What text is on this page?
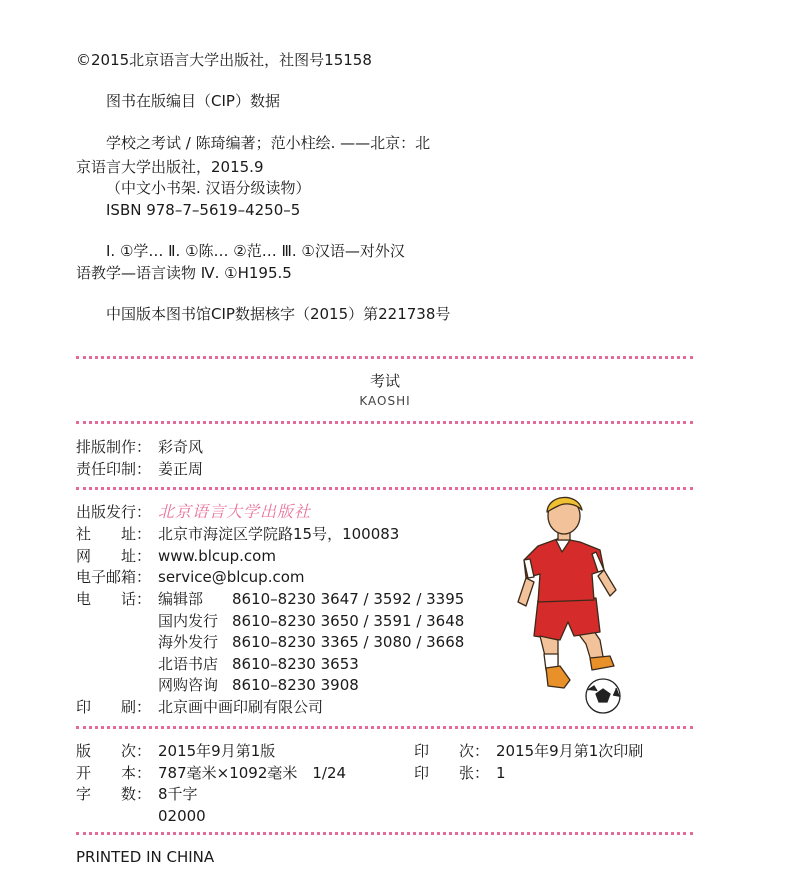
©2015北京语言大学出版社，社图号15158
图书在版编目（CIP）数据
学校之考试 / 陈琦编著；范小柱绘. ——北京：北
京语言大学出版社，2015.9
（中文小书架. 汉语分级读物）
ISBN 978–7–5619–4250–5
Ⅰ. ①学… Ⅱ. ①陈… ②范… Ⅲ. ①汉语—对外汉
语教学—语言读物 Ⅳ. ①H195.5
中国版本图书馆CIP数据核字（2015）第221738号
考试
KAOSHI
排版制作： 彩奇风
责任印制： 姜正周
出版发行： 北京语言大学出版社
社　　址： 北京市海淀区学院路15号，100083
网　　址： www.blcup.com
电子邮箱： service@blcup.com
电　　话： 编辑部 8610–8230 3647 / 3592 / 3395
国内发行 8610–8230 3650 / 3591 / 3648
海外发行 8610–8230 3365 / 3080 / 3668
北语书店 8610–8230 3653
网购咨询 8610–8230 3908
印　　刷： 北京画中画印刷有限公司
版　　次： 2015年9月第1版	印　　次： 2015年9月第1次印刷
开　　本： 787毫米×1092毫米　1/24	印　　张： 1
字　　数： 8千字
02000
PRINTED IN CHINA
